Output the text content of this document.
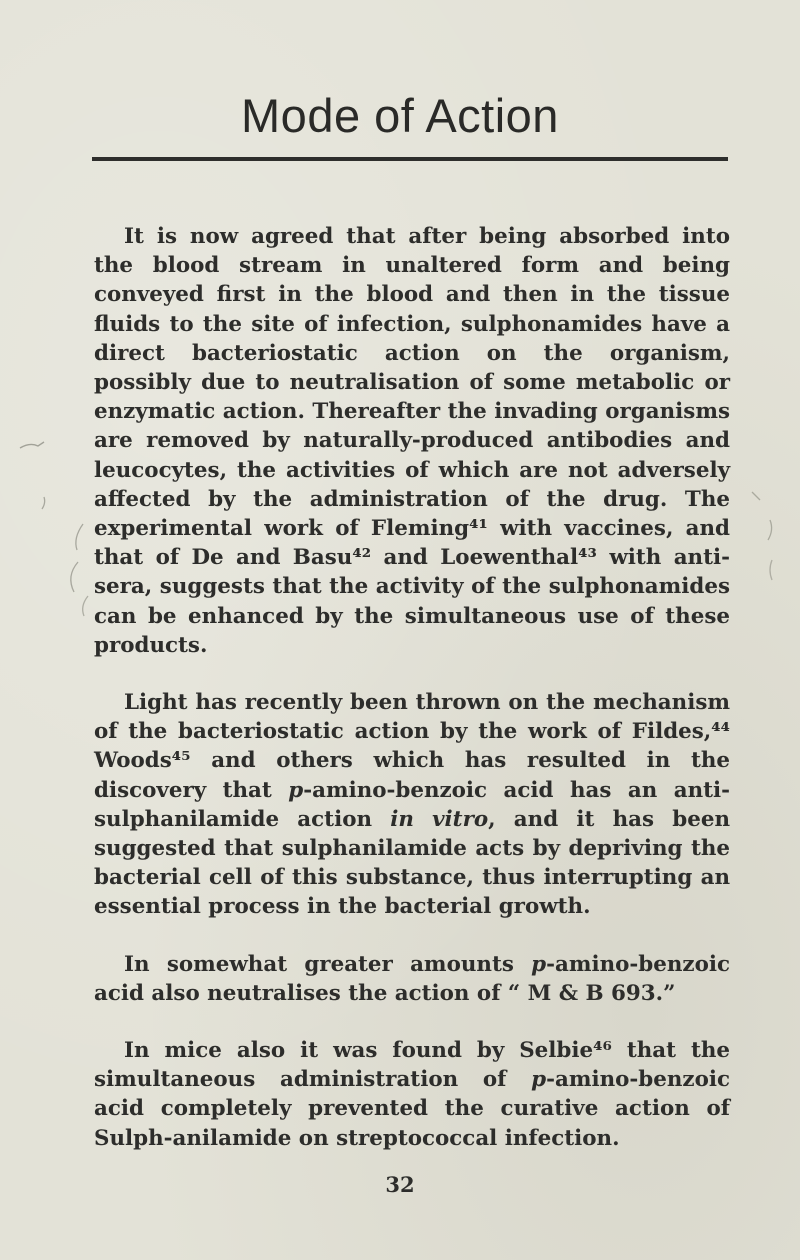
Mode of Action

It is now agreed that after being absorbed into the blood stream in unaltered form and being conveyed first in the blood and then in the tissue fluids to the site of infection, sulphonamides have a direct bacteriostatic action on the organism, possibly due to neutralisation of some metabolic or enzymatic action. Thereafter the invading organisms are removed by naturally-produced antibodies and leucocytes, the activities of which are not adversely affected by the administration of the drug. The experimental work of Fleming⁴¹ with vaccines, and that of De and Basu⁴² and Loewenthal⁴³ with anti-sera, suggests that the activity of the sulphonamides can be enhanced by the simultaneous use of these products.

Light has recently been thrown on the mechanism of the bacteriostatic action by the work of Fildes,⁴⁴ Woods⁴⁵ and others which has resulted in the discovery that p-amino-benzoic acid has an anti-sulphanilamide action in vitro, and it has been suggested that sulphanilamide acts by depriving the bacterial cell of this substance, thus interrupting an essential process in the bacterial growth.

In somewhat greater amounts p-amino-benzoic acid also neutralises the action of “ M & B 693.”

In mice also it was found by Selbie⁴⁶ that the simultaneous administration of p-amino-benzoic acid completely prevented the curative action of Sulph-anilamide on streptococcal infection.

32
